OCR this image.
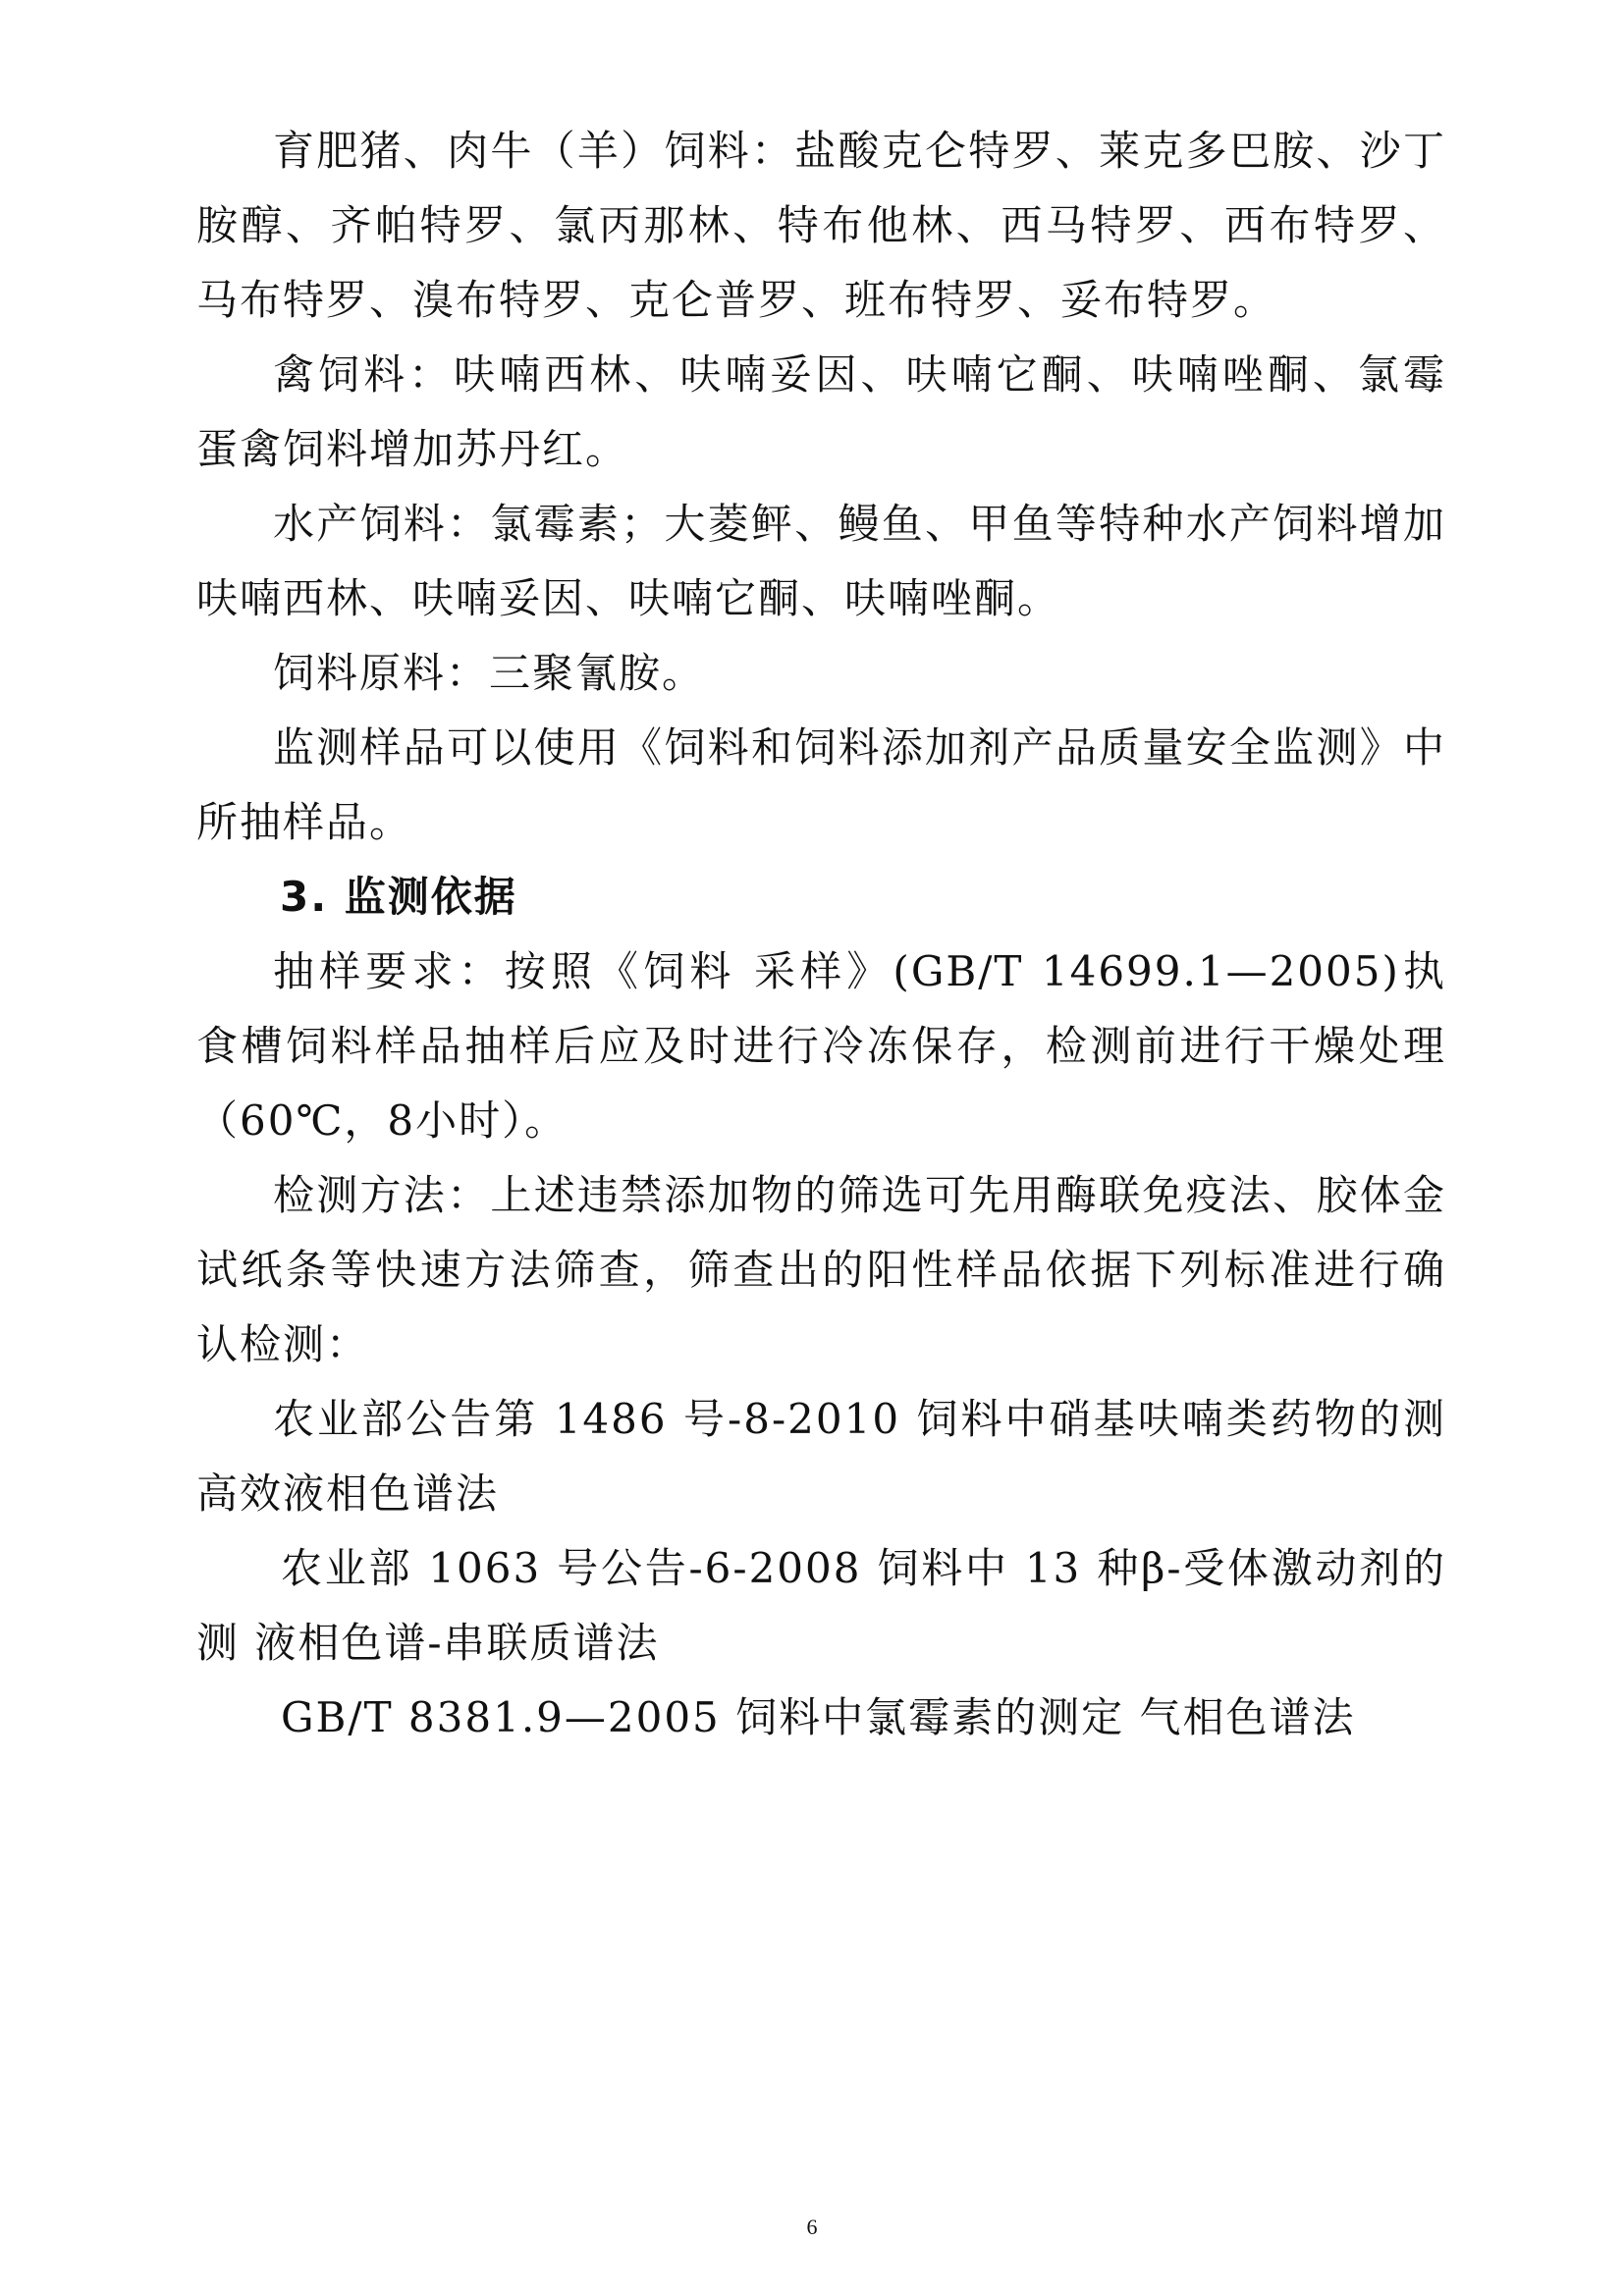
育肥猪、肉牛（羊）饲料：盐酸克仑特罗、莱克多巴胺、沙丁
胺醇、齐帕特罗、氯丙那林、特布他林、西马特罗、西布特罗、
马布特罗、溴布特罗、克仑普罗、班布特罗、妥布特罗。
禽饲料：呋喃西林、呋喃妥因、呋喃它酮、呋喃唑酮、氯霉
蛋禽饲料增加苏丹红。
水产饲料：氯霉素；大菱鲆、鳗鱼、甲鱼等特种水产饲料增加
呋喃西林、呋喃妥因、呋喃它酮、呋喃唑酮。
饲料原料：三聚氰胺。
监测样品可以使用《饲料和饲料添加剂产品质量安全监测》中
所抽样品。
3. 监测依据
抽样要求：按照《饲料 采样》(GB/T 14699.1—2005)执
食槽饲料样品抽样后应及时进行冷冻保存，检测前进行干燥处理
（60℃，8小时）。
检测方法：上述违禁添加物的筛选可先用酶联免疫法、胶体金
试纸条等快速方法筛查，筛查出的阳性样品依据下列标准进行确
认检测：
农业部公告第 1486 号-8-2010 饲料中硝基呋喃类药物的测
高效液相色谱法
农业部 1063 号公告-6-2008 饲料中 13 种β-受体激动剂的
测 液相色谱-串联质谱法
GB/T 8381.9—2005 饲料中氯霉素的测定 气相色谱法
6
